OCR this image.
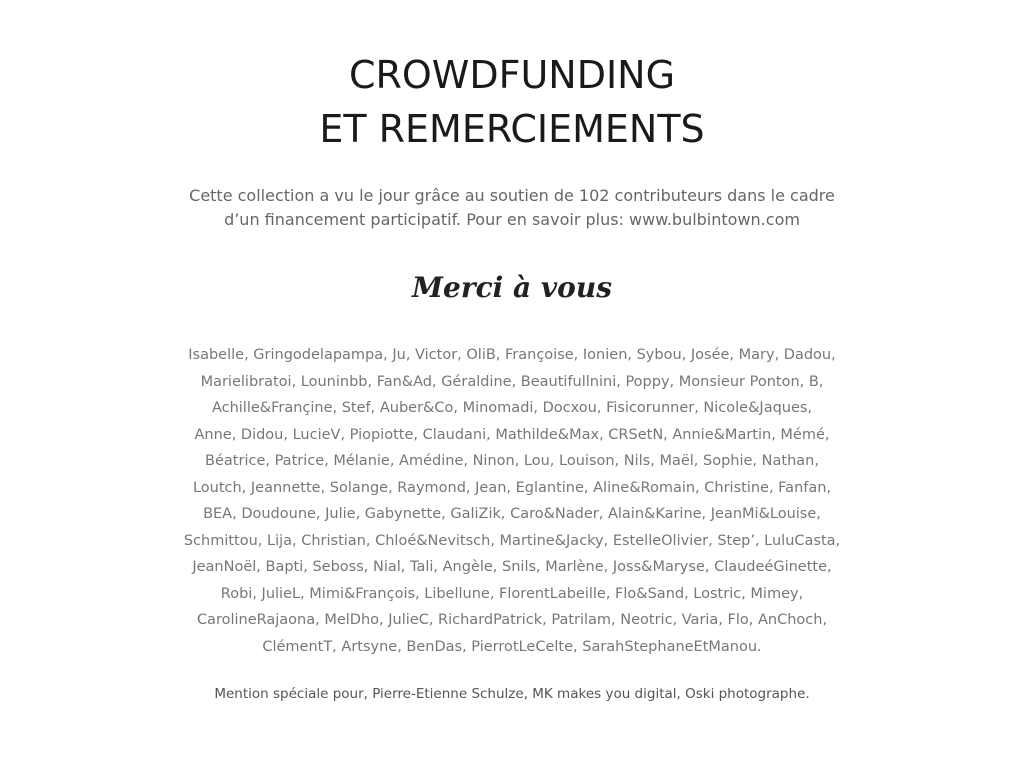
CROWDFUNDING
ET REMERCIEMENTS

Cette collection a vu le jour grâce au soutien de 102 contributeurs dans le cadre
d’un financement participatif. Pour en savoir plus: www.bulbintown.com

Merci à vous
Isabelle, Gringodelapampa, Ju, Victor, OliB, Françoise, Ionien, Sybou, Josée, Mary, Dadou,
Marielibratoi, Louninbb, Fan&Ad, Géraldine, Beautifullnini, Poppy, Monsieur Ponton, B,
Achille&Françine, Stef, Auber&Co, Minomadi, Docxou, Fisicorunner, Nicole&Jaques,
Anne, Didou, LucieV, Piopiotte, Claudani, Mathilde&Max, CRSetN, Annie&Martin, Mémé,
Béatrice, Patrice, Mélanie, Amédine, Ninon, Lou, Louison, Nils, Maël, Sophie, Nathan,
Loutch, Jeannette, Solange, Raymond, Jean, Eglantine, Aline&Romain, Christine, Fanfan,
BEA, Doudoune, Julie, Gabynette, GaliZik, Caro&Nader, Alain&Karine, JeanMi&Louise,
Schmittou, Lija, Christian, Chloé&Nevitsch, Martine&Jacky, EstelleOlivier, Step’, LuluCasta,
JeanNoël, Bapti, Seboss, Nial, Tali, Angèle, Snils, Marlène, Joss&Maryse, ClaudeéGinette,
Robi, JulieL, Mimi&François, Libellune, FlorentLabeille, Flo&Sand, Lostric, Mimey,
CarolineRajaona, MelDho, JulieC, RichardPatrick, Patrilam, Neotric, Varia, Flo, AnChoch,
ClémentT, Artsyne, BenDas, PierrotLeCelte, SarahStephaneEtManou.

Mention spéciale pour, Pierre-Etienne Schulze, MK makes you digital, Oski photographe.
